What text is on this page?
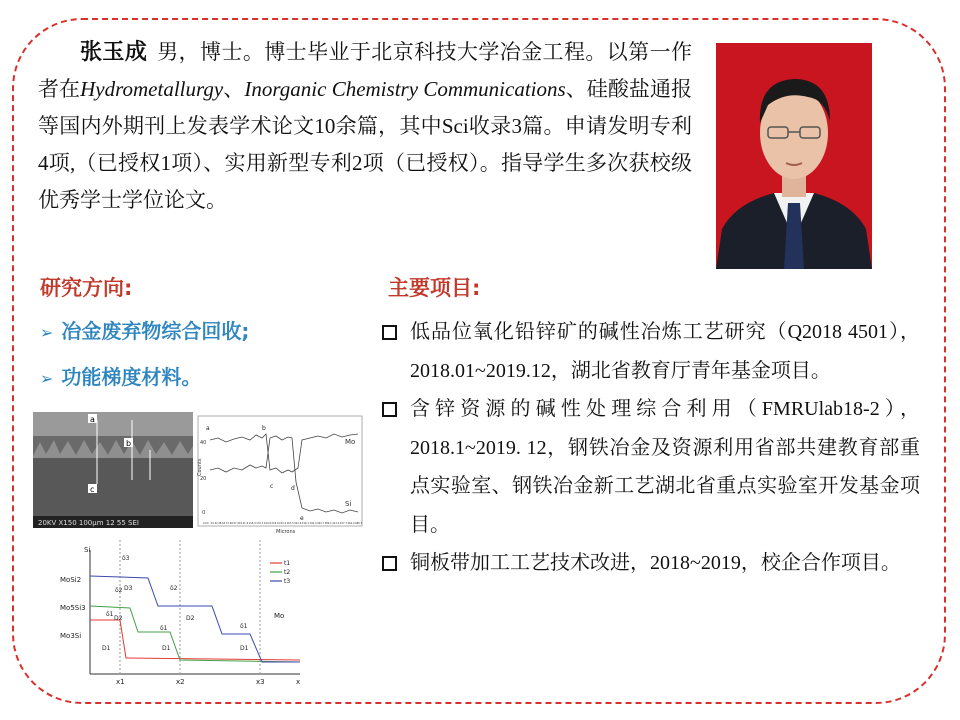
张玉成 男，博士。博士毕业于北京科技大学冶金工程。以第一作者在Hydrometallurgy、Inorganic Chemistry Communications、硅酸盐通报等国内外期刊上发表学术论文10余篇，其中Sci收录3篇。申请发明专利4项,（已授权1项）、实用新型专利2项（已授权）。指导学生多次获校级优秀学士学位论文。

研究方向:
➢ 冶金废弃物综合回收;
➢ 功能梯度材料。
主要项目:
低品位氧化铅锌矿的碱性冶炼工艺研究（Q2018 4501），2018.01~2019.12，湖北省教育厅青年基金项目。
含锌资源的碱性处理综合利用（FMRUlab18-2），2018.1~2019. 12，钢铁冶金及资源利用省部共建教育部重点实验室、钢铁冶金新工艺湖北省重点实验室开发基金项目。
铜板带加工工艺技术改进，2018~2019，校企合作项目。
a
b
c
20KV X150 100μm 12 55 SEI
Counts
40
20
0
Mo
Si
a	b
c	d
e
0.00 24.32 48.64 72.96 97.28 121.6 145.9 170.3 194.6 218.9 243.2 267.5 291.8 316.1 340.4 364.7 389.1 413.4 437.7 462.0 486.3
Microns
Si
MoSi2
Mo5Si3
Mo3Si
δ3
δ2
δ1
δ2
δ1	δ1
D3
D2
D1
D2
D1	D1
Mo
x1	x2	x3	x
t1
t2
t3
